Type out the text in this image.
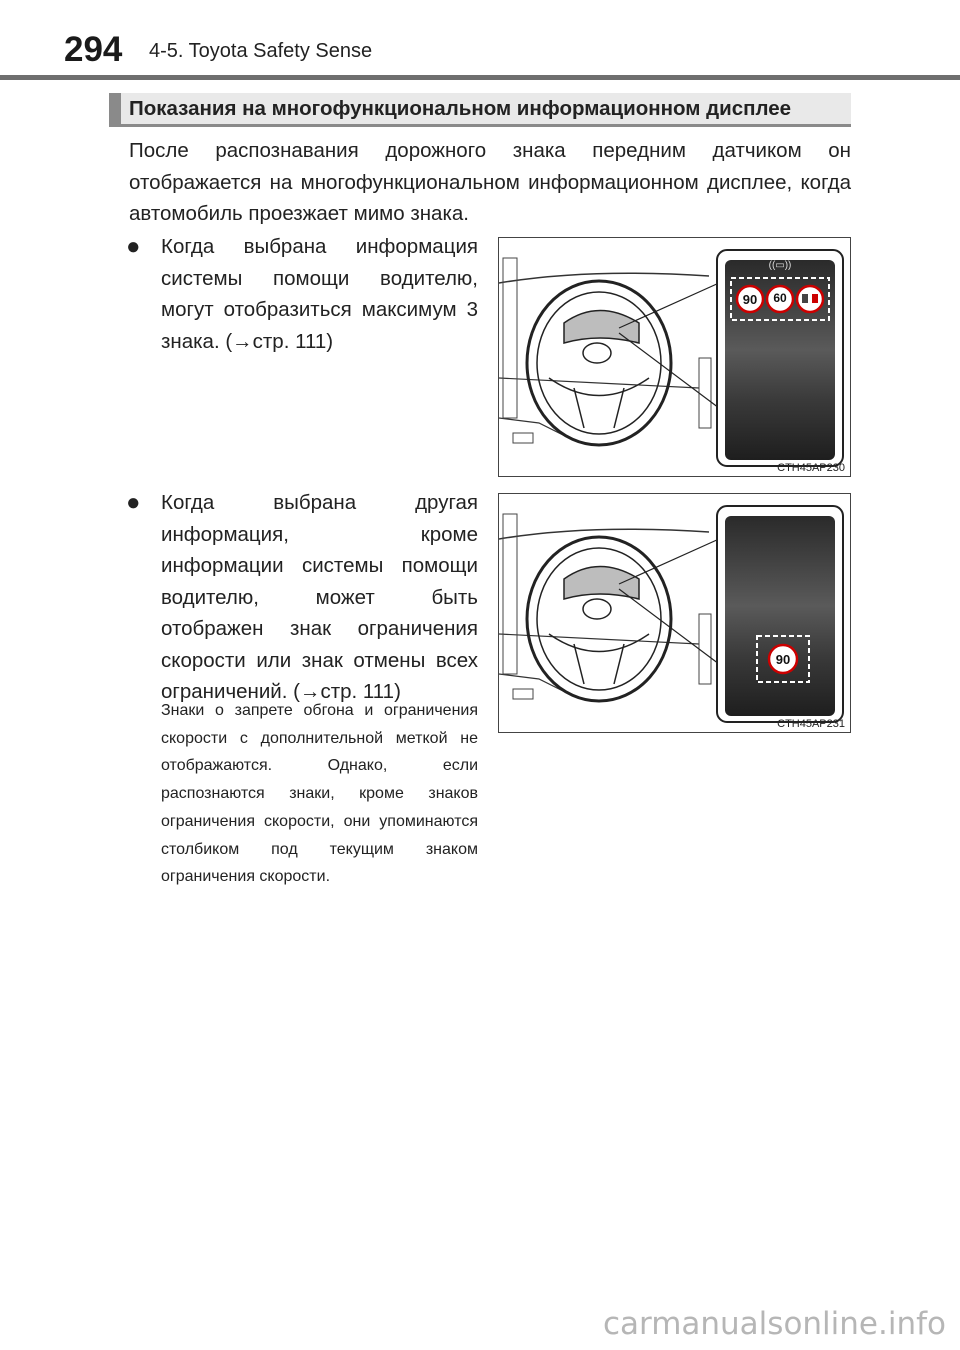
294 4-5. Toyota Safety Sense
Показания на многофункциональном информационном дисплее

После распознавания дорожного знака передним датчиком он отображается на многофункциональном информационном дисплее, когда автомобиль проезжает мимо знака.

● Когда выбрана информация системы помощи водителю, могут отобразиться максимум 3 знака. (→стр. 111)

● Когда выбрана другая информация, кроме информации системы помощи водителю, может быть отображен знак ограничения скорости или знак отмены всех ограничений. (→стр. 111)

Знаки о запрете обгона и ограничения скорости с дополнительной меткой не отображаются. Однако, если распознаются знаки, кроме знаков ограничения скорости, они упоминаются столбиком под текущим знаком ограничения скорости.

90 60
((▭))
CTH45AP230
90
CTH45AP231
carmanualsonline.info
